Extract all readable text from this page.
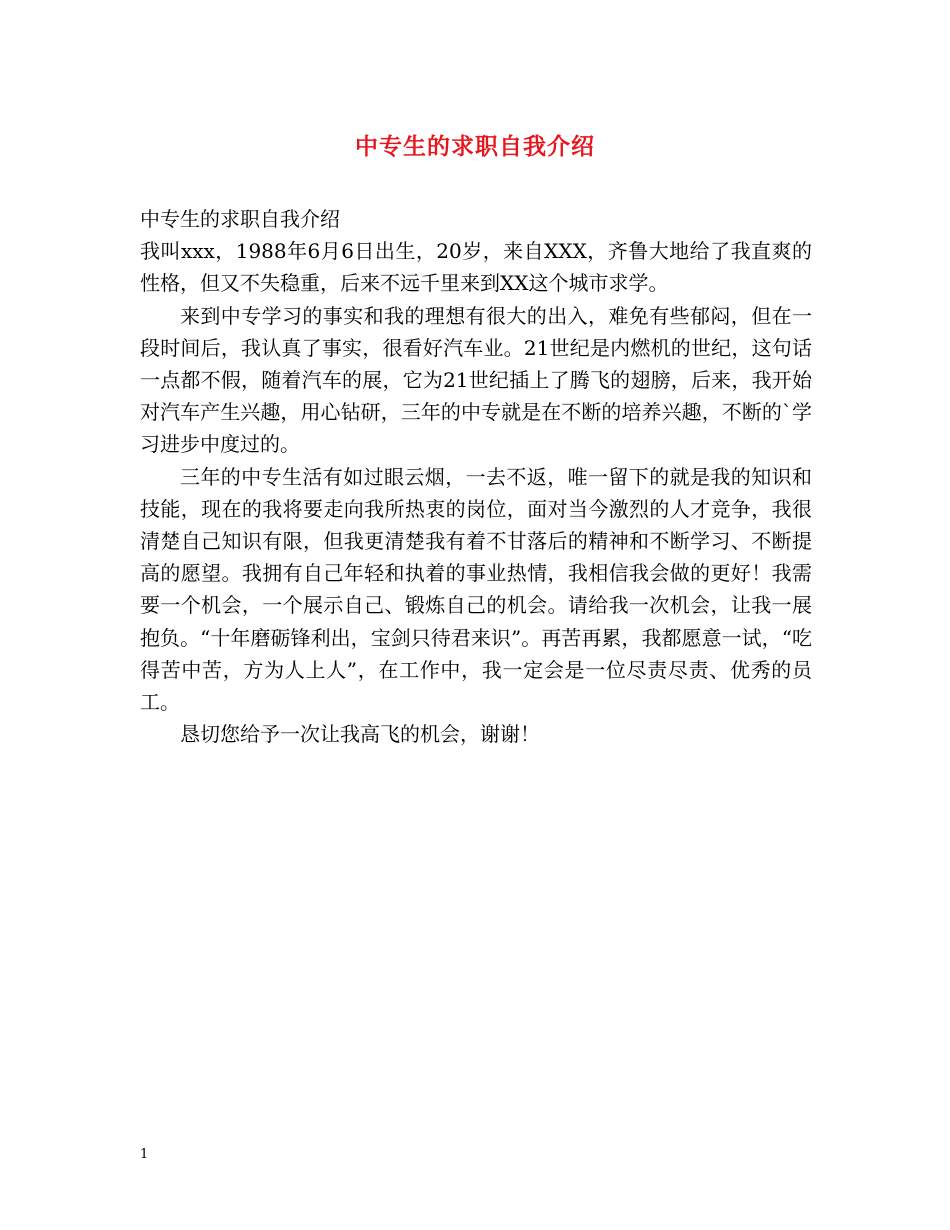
中专生的求职自我介绍

中专生的求职自我介绍

我叫xxx，1988年6月6日出生，20岁，来自XXX，齐鲁大地给了我直爽的性格，但又不失稳重，后来不远千里来到XX这个城市求学。

来到中专学习的事实和我的理想有很大的出入，难免有些郁闷，但在一段时间后，我认真了事实，很看好汽车业。21世纪是内燃机的世纪，这句话一点都不假，随着汽车的展，它为21世纪插上了腾飞的翅膀，后来，我开始对汽车产生兴趣，用心钻研，三年的中专就是在不断的培养兴趣，不断的`学习进步中度过的。

三年的中专生活有如过眼云烟，一去不返，唯一留下的就是我的知识和技能，现在的我将要走向我所热衷的岗位，面对当今激烈的人才竞争，我很清楚自己知识有限，但我更清楚我有着不甘落后的精神和不断学习、不断提高的愿望。我拥有自己年轻和执着的事业热情，我相信我会做的更好！我需要一个机会，一个展示自己、锻炼自己的机会。请给我一次机会，让我一展抱负。“十年磨砺锋利出，宝剑只待君来识”。再苦再累，我都愿意一试，“吃得苦中苦，方为人上人”，在工作中，我一定会是一位尽责尽责、优秀的员工。

恳切您给予一次让我高飞的机会，谢谢！

1
